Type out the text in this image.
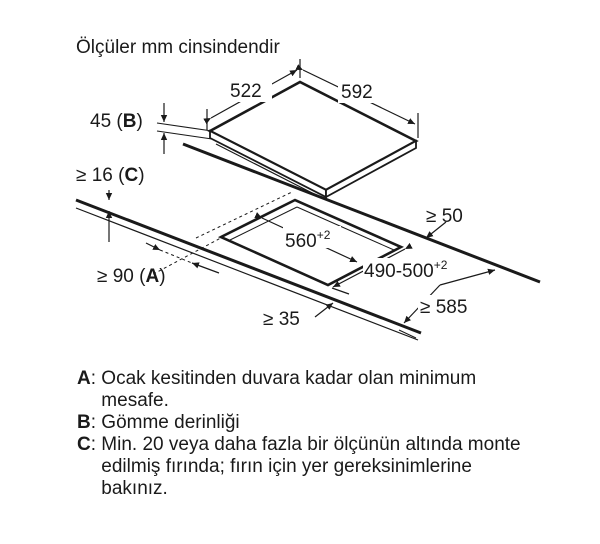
Ölçüler mm cinsindendir
522	592
45 (B)
$560^{+2}$
≥ 16 (C)
≥ 90 (A)
≥ 50
$490-500^{+2}$
≥ 35
≥ 585
A : Ocak kesitinden duvara kadar olan minimum mesafe.
B : Gömme derinliği
C : Min. 20 veya daha fazla bir ölçünün altında monte edilmiş fırında; fırın için yer gereksinimlerine bakınız.
